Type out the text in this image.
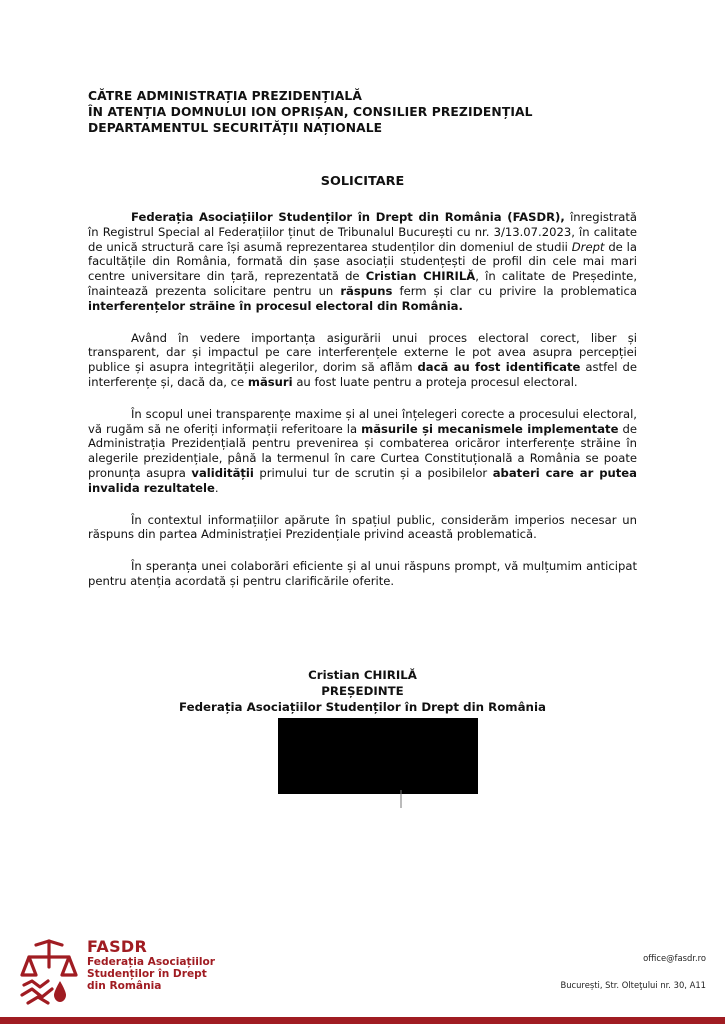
CĂTRE ADMINISTRAȚIA PREZIDENȚIALĂ
ÎN ATENȚIA DOMNULUI ION OPRIȘAN, CONSILIER PREZIDENȚIAL
DEPARTAMENTUL SECURITĂȚII NAȚIONALE
SOLICITARE

Federația Asociațiilor Studenților în Drept din România (FASDR), înregistrată în Registrul Special al Federațiilor ținut de Tribunalul București cu nr. 3/13.07.2023, în calitate de unică structură care își asumă reprezentarea studenților din domeniul de studii Drept de la facultățile din România, formată din șase asociații studențești de profil din cele mai mari centre universitare din țară, reprezentată de Cristian CHIRILĂ, în calitate de Președinte, înaintează prezenta solicitare pentru un răspuns ferm și clar cu privire la problematica interferențelor străine în procesul electoral din România.

Având în vedere importanța asigurării unui proces electoral corect, liber și transparent, dar și impactul pe care interferențele externe le pot avea asupra percepției publice și asupra integrității alegerilor, dorim să aflăm dacă au fost identificate astfel de interferențe și, dacă da, ce măsuri au fost luate pentru a proteja procesul electoral.

În scopul unei transparențe maxime și al unei înțelegeri corecte a procesului electoral, vă rugăm să ne oferiți informații referitoare la măsurile și mecanismele implementate de Administrația Prezidențială pentru prevenirea și combaterea oricăror interferențe străine în alegerile prezidențiale, până la termenul în care Curtea Constituțională a România se poate pronunța asupra validității primului tur de scrutin și a posibilelor abateri care ar putea invalida rezultatele.

În contextul informațiilor apărute în spațiul public, considerăm imperios necesar un răspuns din partea Administrației Prezidențiale privind această problematică.

În speranța unei colaborări eficiente și al unui răspuns prompt, vă mulțumim anticipat pentru atenția acordată și pentru clarificările oferite.

Cristian CHIRILĂ
PREȘEDINTE
Federația Asociațiilor Studenților în Drept din România
FASDR
Federația Asociațiilor
Studenților în Drept
din România
office@fasdr.ro
București, Str. Olteţului nr. 30, A11
